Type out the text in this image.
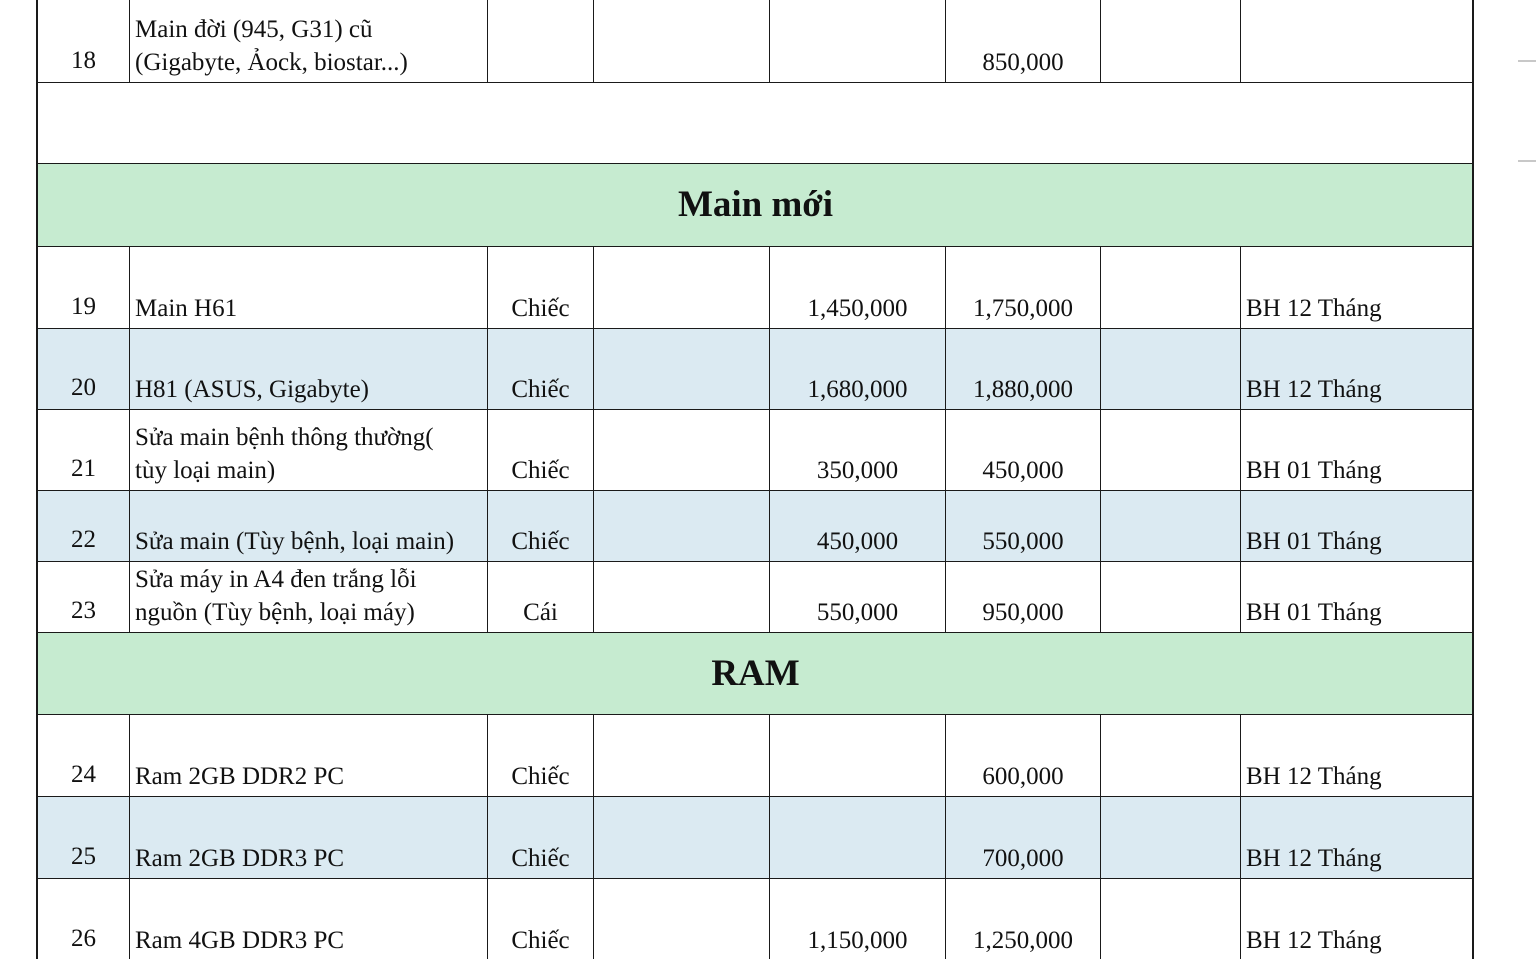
18	Main đời (945, G31) cũ
(Gigabyte, Ảock, biostar...)				850,000		

Main mới							

19	Main H61	Chiếc		1,450,000	1,750,000		BH 12 Tháng

20	H81 (ASUS, Gigabyte)	Chiếc		1,680,000	1,880,000		BH 12 Tháng

21	Sửa main bệnh thông thường(
tùy loại main)	Chiếc		350,000	450,000		BH 01 Tháng

22	Sửa main (Tùy bệnh, loại main)	Chiếc		450,000	550,000		BH 01 Tháng

23	Sửa máy in A4 đen trắng lỗi
nguồn (Tùy bệnh, loại máy)	Cái		550,000	950,000		BH 01 Tháng

RAM							

24	Ram 2GB DDR2 PC	Chiếc			600,000		BH 12 Tháng

25	Ram 2GB DDR3 PC	Chiếc			700,000		BH 12 Tháng

26	Ram 4GB DDR3 PC	Chiếc		1,150,000	1,250,000		BH 12 Tháng
